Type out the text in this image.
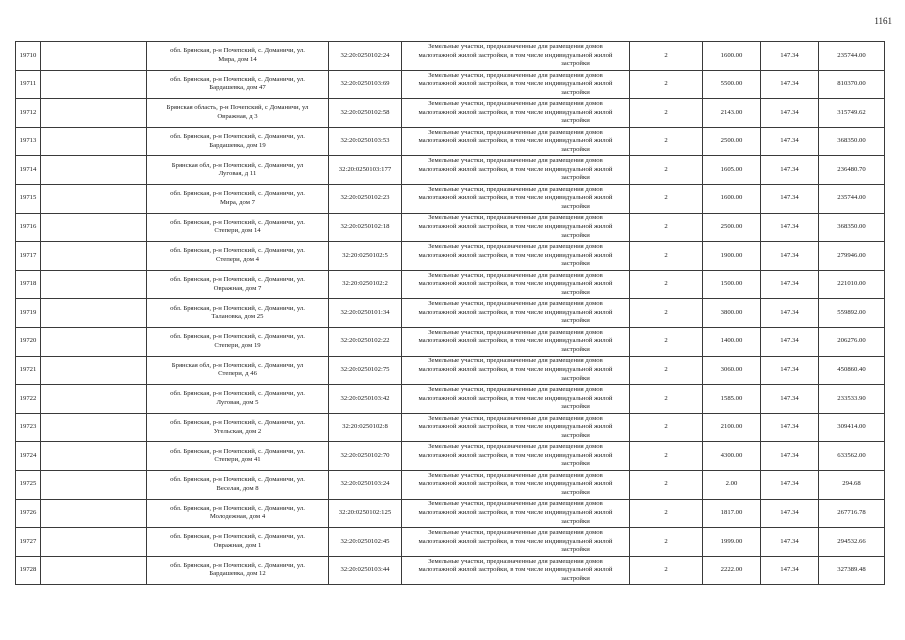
1161
19710		обл. Брянская, р-н Почепский, с. Доманичи, ул.
Мира, дом 14	32:20:0250102:24	Земельные участки, предназначенные для размещения домов
малоэтажной жилой застройки, в том числе индивидуальной жилой
застройки	2	1600.00	147.34	235744.00
19711		обл. Брянская, р-н Почепский, с. Доманичи, ул.
Бардашевка, дом 47	32:20:0250103:69	Земельные участки, предназначенные для размещения домов
малоэтажной жилой застройки, в том числе индивидуальной жилой
застройки	2	5500.00	147.34	810370.00
19712		Брянская область, р-н Почепский, с Доманичи, ул
Овражная, д 3	32:20:0250102:58	Земельные участки, предназначенные для размещения домов
малоэтажной жилой застройки, в том числе индивидуальной жилой
застройки	2	2143.00	147.34	315749.62
19713		обл. Брянская, р-н Почепский, с. Доманичи, ул.
Бардашевка, дом 19	32:20:0250103:53	Земельные участки, предназначенные для размещения домов
малоэтажной жилой застройки, в том числе индивидуальной жилой
застройки	2	2500.00	147.34	368350.00
19714		Брянская обл, р-н Почепский, с. Доманичи, ул
Луговая, д 11	32:20:0250103:177	Земельные участки, предназначенные для размещения домов
малоэтажной жилой застройки, в том числе индивидуальной жилой
застройки	2	1605.00	147.34	236480.70
19715		обл. Брянская, р-н Почепский, с. Доманичи, ул.
Мира, дом 7	32:20:0250102:23	Земельные участки, предназначенные для размещения домов
малоэтажной жилой застройки, в том числе индивидуальной жилой
застройки	2	1600.00	147.34	235744.00
19716		обл. Брянская, р-н Почепский, с. Доманичи, ул.
Степери, дом 14	32:20:0250102:18	Земельные участки, предназначенные для размещения домов
малоэтажной жилой застройки, в том числе индивидуальной жилой
застройки	2	2500.00	147.34	368350.00
19717		обл. Брянская, р-н Почепский, с. Доманичи, ул.
Степери, дом 4	32:20:0250102:5	Земельные участки, предназначенные для размещения домов
малоэтажной жилой застройки, в том числе индивидуальной жилой
застройки	2	1900.00	147.34	279946.00
19718		обл. Брянская, р-н Почепский, с. Доманичи, ул.
Овражная, дом 7	32:20:0250102:2	Земельные участки, предназначенные для размещения домов
малоэтажной жилой застройки, в том числе индивидуальной жилой
застройки	2	1500.00	147.34	221010.00
19719		обл. Брянская, р-н Почепский, с. Доманичи, ул.
Талановка, дом 25	32:20:0250101:34	Земельные участки, предназначенные для размещения домов
малоэтажной жилой застройки, в том числе индивидуальной жилой
застройки	2	3800.00	147.34	559892.00
19720		обл. Брянская, р-н Почепский, с. Доманичи, ул.
Степери, дом 19	32:20:0250102:22	Земельные участки, предназначенные для размещения домов
малоэтажной жилой застройки, в том числе индивидуальной жилой
застройки	2	1400.00	147.34	206276.00
19721		Брянская обл, р-н Почепский, с. Доманичи, ул
Степери, д 46	32:20:0250102:75	Земельные участки, предназначенные для размещения домов
малоэтажной жилой застройки, в том числе индивидуальной жилой
застройки	2	3060.00	147.34	450860.40
19722		обл. Брянская, р-н Почепский, с. Доманичи, ул.
Луговая, дом 5	32:20:0250103:42	Земельные участки, предназначенные для размещения домов
малоэтажной жилой застройки, в том числе индивидуальной жилой
застройки	2	1585.00	147.34	233533.90
19723		обл. Брянская, р-н Почепский, с. Доманичи, ул.
Угельская, дом 2	32:20:0250102:8	Земельные участки, предназначенные для размещения домов
малоэтажной жилой застройки, в том числе индивидуальной жилой
застройки	2	2100.00	147.34	309414.00
19724		обл. Брянская, р-н Почепский, с. Доманичи, ул.
Степери, дом 41	32:20:0250102:70	Земельные участки, предназначенные для размещения домов
малоэтажной жилой застройки, в том числе индивидуальной жилой
застройки	2	4300.00	147.34	633562.00
19725		обл. Брянская, р-н Почепский, с. Доманичи, ул.
Веселая, дом 8	32:20:0250103:24	Земельные участки, предназначенные для размещения домов
малоэтажной жилой застройки, в том числе индивидуальной жилой
застройки	2	2.00	147.34	294.68
19726		обл. Брянская, р-н Почепский, с. Доманичи, ул.
Молодежная, дом 4	32:20:0250102:125	Земельные участки, предназначенные для размещения домов
малоэтажной жилой застройки, в том числе индивидуальной жилой
застройки	2	1817.00	147.34	267716.78
19727		обл. Брянская, р-н Почепский, с. Доманичи, ул.
Овражная, дом 1	32:20:0250102:45	Земельные участки, предназначенные для размещения домов
малоэтажной жилой застройки, в том числе индивидуальной жилой
застройки	2	1999.00	147.34	294532.66
19728		обл. Брянская, р-н Почепский, с. Доманичи, ул.
Бардашевка, дом 12	32:20:0250103:44	Земельные участки, предназначенные для размещения домов
малоэтажной жилой застройки, в том числе индивидуальной жилой
застройки	2	2222.00	147.34	327389.48
